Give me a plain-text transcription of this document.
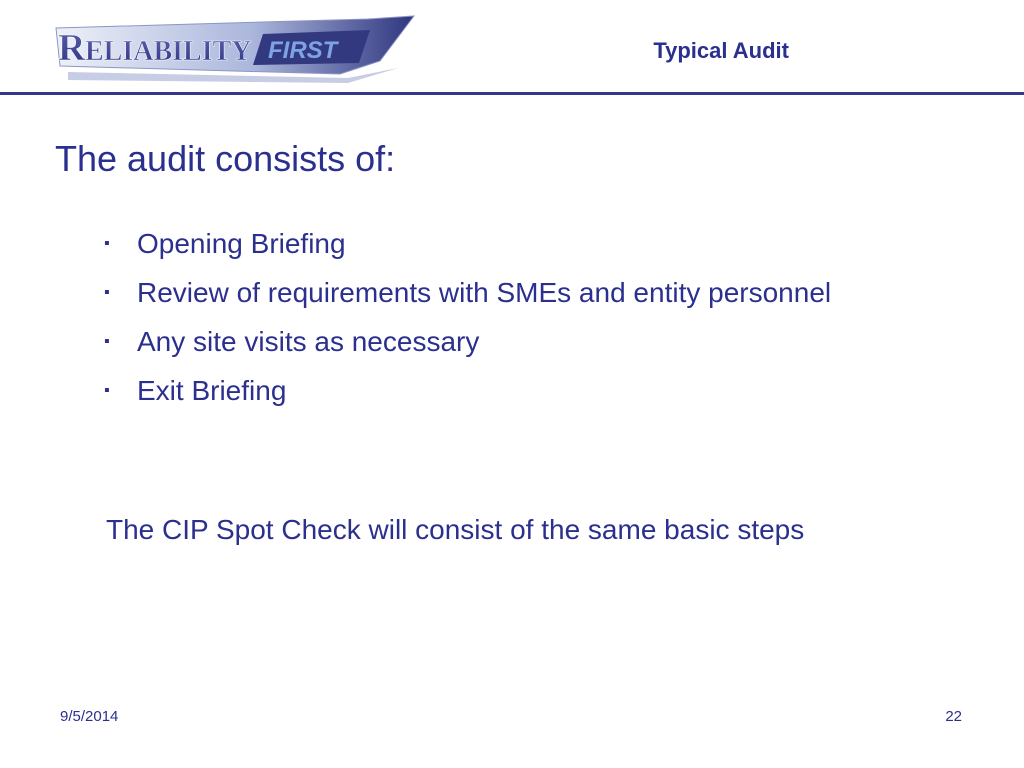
R ELIABILITY FIRST	Typical Audit
The audit consists of:
▪ Opening Briefing
▪ Review of requirements with SMEs and entity personnel
▪ Any site visits as necessary
▪ Exit Briefing
The CIP Spot Check will consist of the same basic steps
9/5/2014	22
